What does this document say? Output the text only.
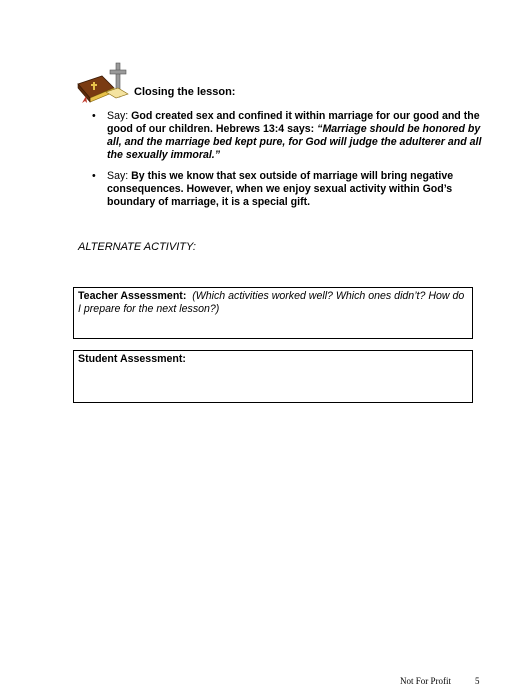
Closing the lesson:
• Say: God created sex and confined it within marriage for our good and the good of our children. Hebrews 13:4 says: “Marriage should be honored by all, and the marriage bed kept pure, for God will judge the adulterer and all the sexually immoral.”
• Say: By this we know that sex outside of marriage will bring negative consequences. However, when we enjoy sexual activity within God’s boundary of marriage, it is a special gift.
ALTERNATE ACTIVITY:
Teacher Assessment: (Which activities worked well? Which ones didn’t? How do I prepare for the next lesson?)
Student Assessment:
Not For Profit	5
